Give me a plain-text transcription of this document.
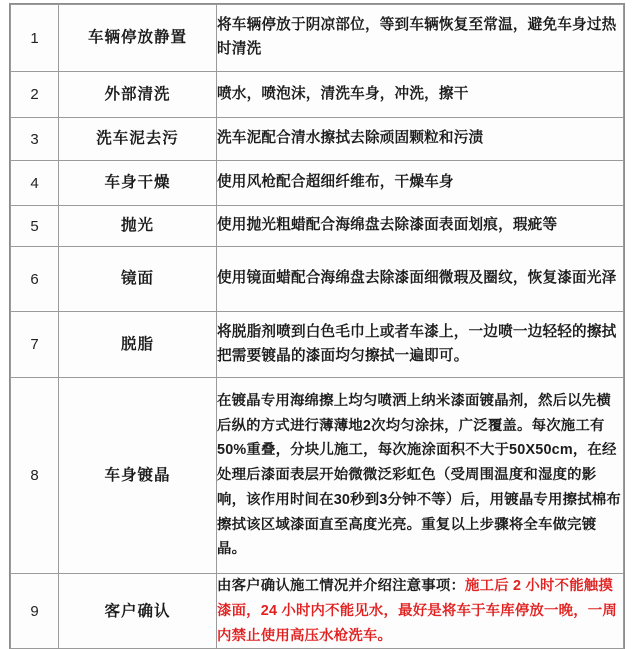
1	车辆停放静置	将车辆停放于阴凉部位，等到车辆恢复至常温，避免车身过热时清洗
2	外部清洗	喷水，喷泡沫，清洗车身，冲洗，擦干
3	洗车泥去污	洗车泥配合清水擦拭去除顽固颗粒和污渍
4	车身干燥	使用风枪配合超细纤维布，干燥车身
5	抛光	使用抛光粗蜡配合海绵盘去除漆面表面划痕，瑕疵等
6	镜面	使用镜面蜡配合海绵盘去除漆面细微瑕及圈纹，恢复漆面光泽
7	脱脂	将脱脂剂喷到白色毛巾上或者车漆上，一边喷一边轻轻的擦拭把需要镀晶的漆面均匀擦拭一遍即可。
8	车身镀晶	在镀晶专用海绵擦上均匀喷洒上纳米漆面镀晶剂，然后以先横后纵的方式进行薄薄地2次均匀涂抹，广泛覆盖。每次施工有50%重叠，分块儿施工，每次施涂面积不大于50X50cm，在经处理后漆面表层开始微微泛彩虹色（受周围温度和湿度的影响，该作用时间在30秒到3分钟不等）后，用镀晶专用擦拭棉布擦拭该区域漆面直至高度光亮。重复以上步骤将全车做完镀晶。
9	客户确认	由客户确认施工情况并介绍注意事项：施工后 2 小时不能触摸漆面，24 小时内不能见水，最好是将车于车库停放一晚，一周内禁止使用高压水枪洗车。
